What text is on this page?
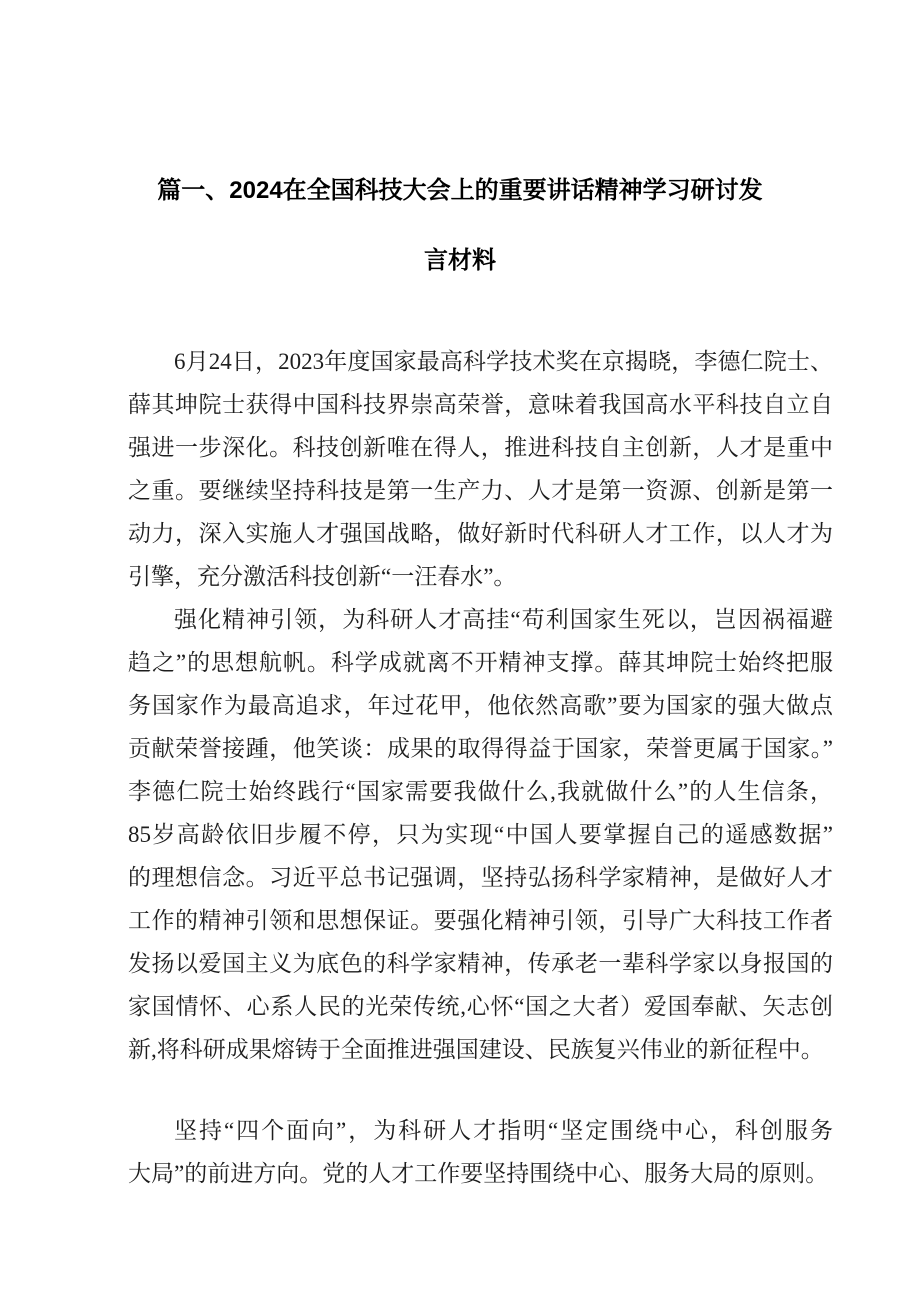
篇一、2024在全国科技大会上的重要讲话精神学习研讨发
言材料
6月24日，2023年度国家最高科学技术奖在京揭晓，李德仁院士、
薛其坤院士获得中国科技界崇高荣誉，意味着我国高水平科技自立自
强进一步深化。科技创新唯在得人，推进科技自主创新，人才是重中
之重。要继续坚持科技是第一生产力、人才是第一资源、创新是第一
动力，深入实施人才强国战略，做好新时代科研人才工作，以人才为
引擎，充分激活科技创新“一汪春水”。
强化精神引领，为科研人才高挂“苟利国家生死以，岂因祸福避
趋之”的思想航帆。科学成就离不开精神支撑。薛其坤院士始终把服
务国家作为最高追求，年过花甲，他依然高歌”要为国家的强大做点
贡献荣誉接踵，他笑谈：成果的取得得益于国家，荣誉更属于国家。”
李德仁院士始终践行“国家需要我做什么,我就做什么”的人生信条，
85岁高龄依旧步履不停，只为实现“中国人要掌握自己的遥感数据”
的理想信念。习近平总书记强调，坚持弘扬科学家精神，是做好人才
工作的精神引领和思想保证。要强化精神引领，引导广大科技工作者
发扬以爱国主义为底色的科学家精神，传承老一辈科学家以身报国的
家国情怀、心系人民的光荣传统,心怀“国之大者）爱国奉献、矢志创
新,将科研成果熔铸于全面推进强国建设、民族复兴伟业的新征程中。
坚持“四个面向”，为科研人才指明“坚定围绕中心，科创服务
大局”的前进方向。党的人才工作要坚持围绕中心、服务大局的原则。
